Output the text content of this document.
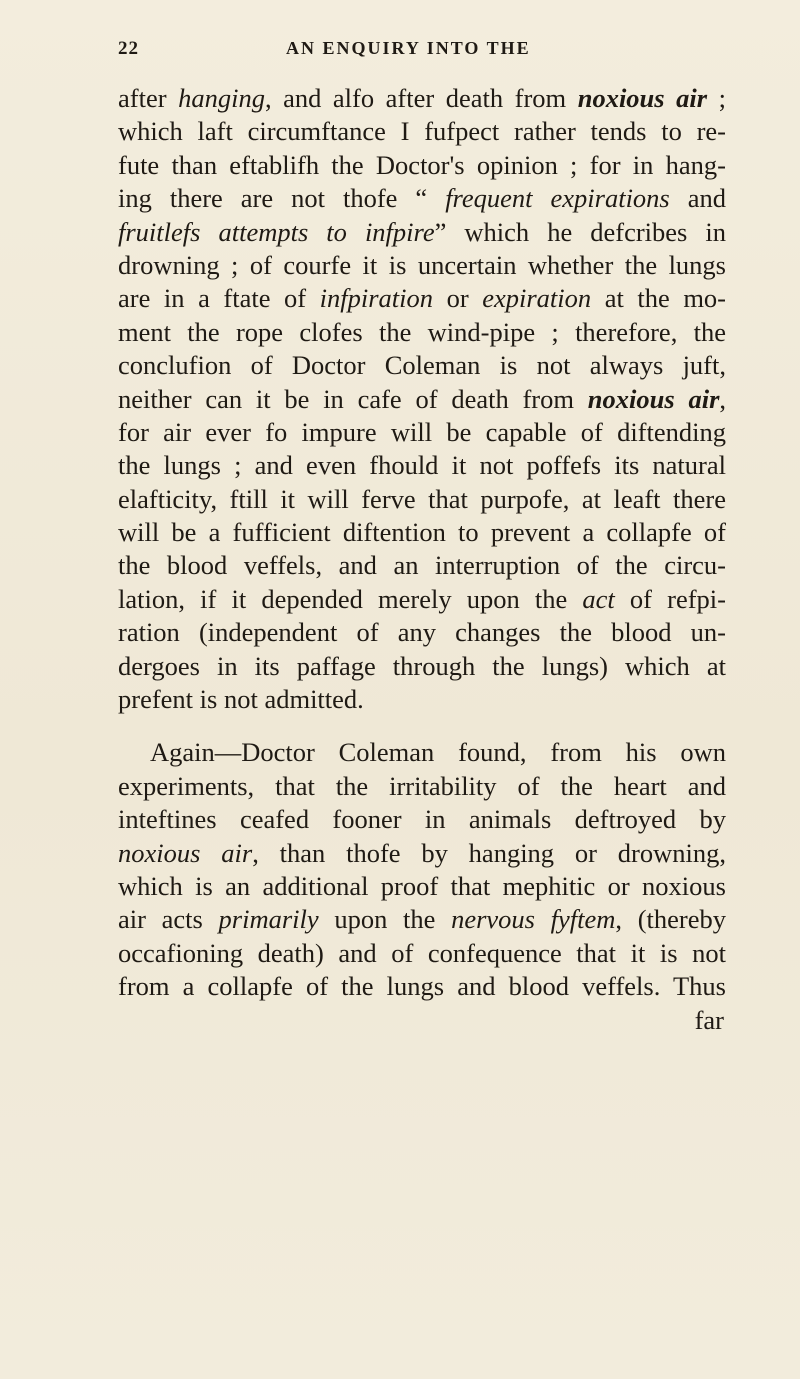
22	AN ENQUIRY INTO THE
after hanging, and alfo after death from noxious air ;
which laft circumftance I fufpect rather tends to re-
fute than eftablifh the Doctor's opinion ; for in hang-
ing there are not thofe “ frequent expirations and
fruitlefs attempts to infpire” which he defcribes in
drowning ; of courfe it is uncertain whether the lungs
are in a ftate of infpiration or expiration at the mo-
ment the rope clofes the wind-pipe ; therefore, the
conclufion of Doctor Coleman is not always juft,
neither can it be in cafe of death from noxious air,
for air ever fo impure will be capable of diftending
the lungs ; and even fhould it not poffefs its natural
elafticity, ftill it will ferve that purpofe, at leaft there
will be a fufficient diftention to prevent a collapfe of
the blood veffels, and an interruption of the circu-
lation, if it depended merely upon the act of refpi-
ration (independent of any changes the blood un-
dergoes in its paffage through the lungs) which at
prefent is not admitted.
Again—Doctor Coleman found, from his own
experiments, that the irritability of the heart and
inteftines ceafed fooner in animals deftroyed by
noxious air, than thofe by hanging or drowning,
which is an additional proof that mephitic or noxious
air acts primarily upon the nervous fyftem, (thereby
occafioning death) and of confequence that it is not
from a collapfe of the lungs and blood veffels. Thus
far
